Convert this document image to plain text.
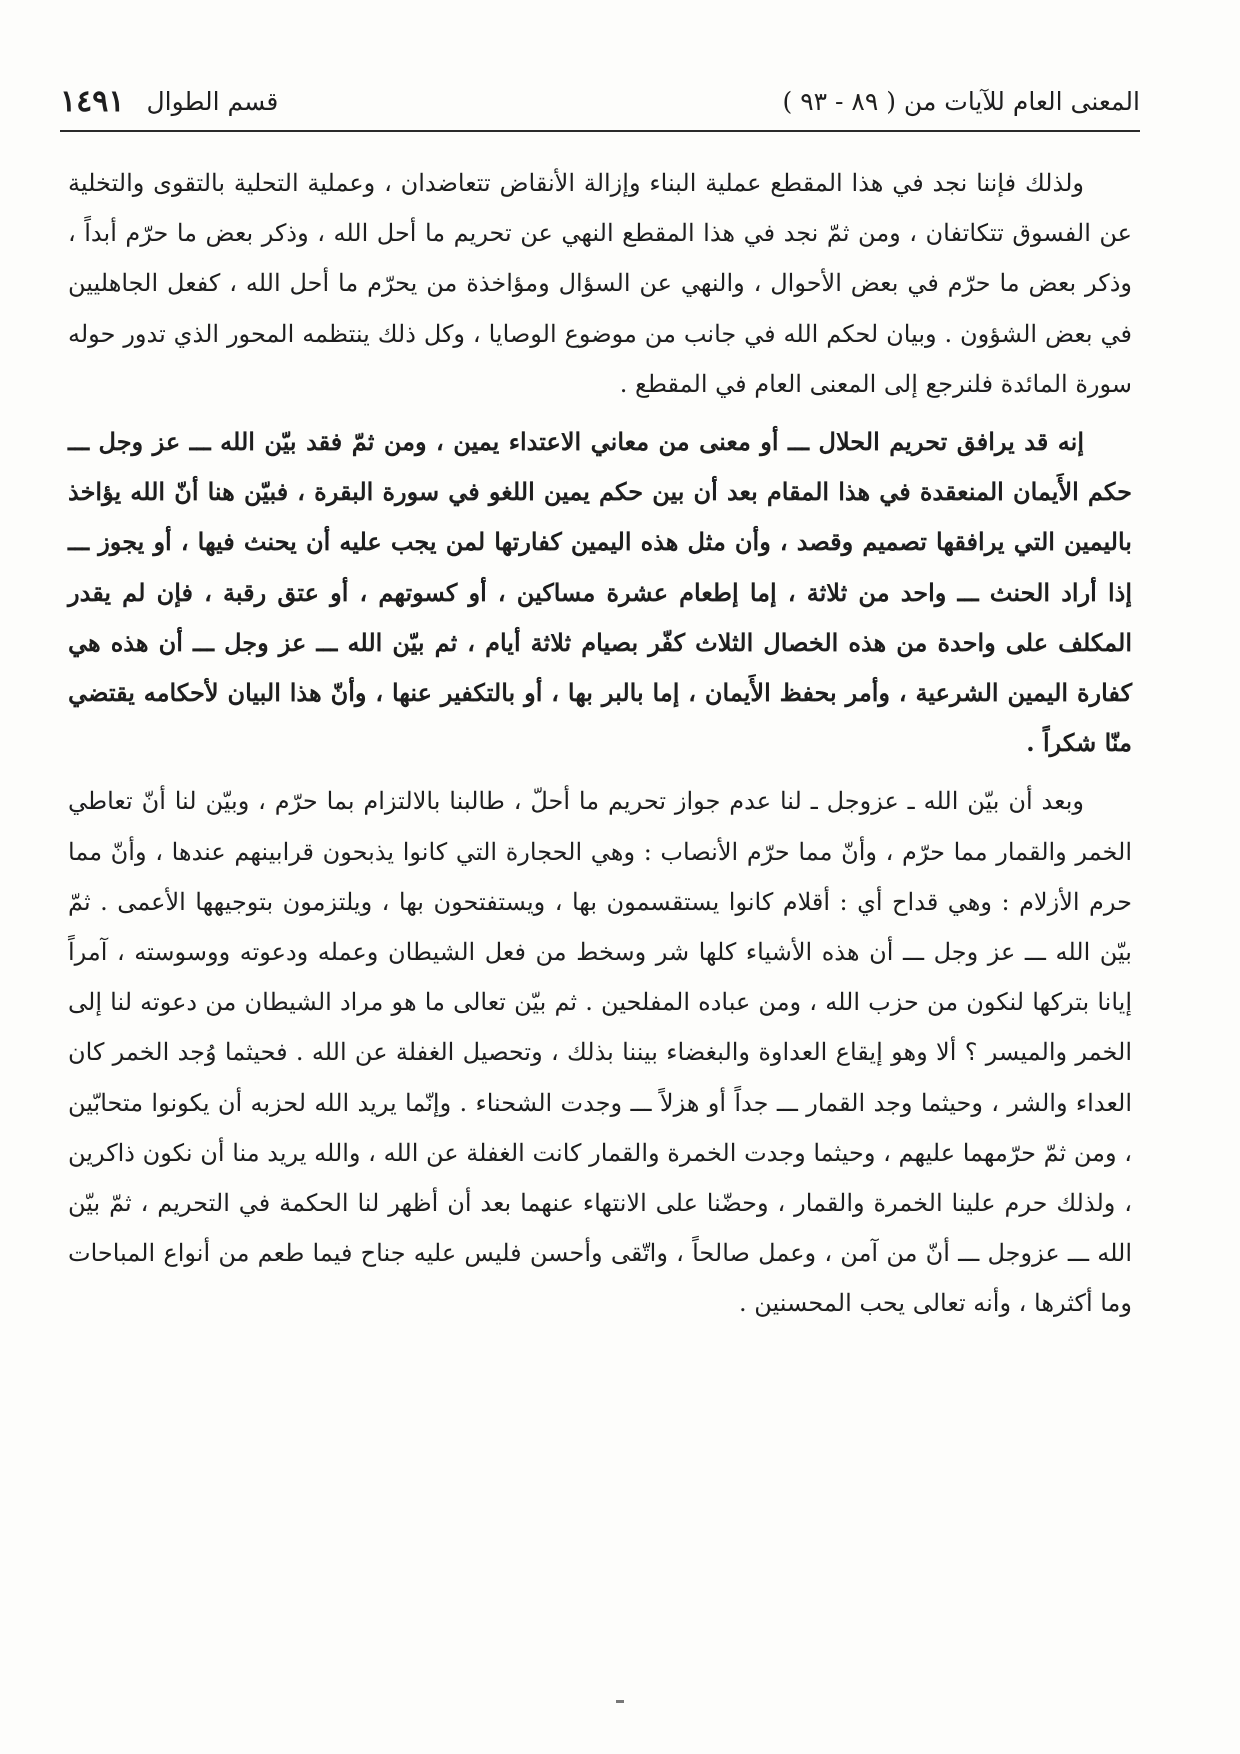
المعنى العام للآيات من ( ٨٩ - ٩٣ )
قسم الطوال
١٤٩١

ولذلك فإننا نجد في هذا المقطع عملية البناء وإزالة الأنقاض تتعاضدان ، وعملية التحلية بالتقوى والتخلية عن الفسوق تتكاتفان ، ومن ثمّ نجد في هذا المقطع النهي عن تحريم ما أحل الله ، وذكر بعض ما حرّم أبداً ، وذكر بعض ما حرّم في بعض الأحوال ، والنهي عن السؤال ومؤاخذة من يحرّم ما أحل الله ، كفعل الجاهليين في بعض الشؤون . وبيان لحكم الله في جانب من موضوع الوصايا ، وكل ذلك ينتظمه المحور الذي تدور حوله سورة المائدة فلنرجع إلى المعنى العام في المقطع .

إنه قد يرافق تحريم الحلال ـــ أو معنى من معاني الاعتداء يمين ، ومن ثمّ فقد بيّن الله ـــ عز وجل ـــ حكم الأَيمان المنعقدة في هذا المقام بعد أن بين حكم يمين اللغو في سورة البقرة ، فبيّن هنا أنّ الله يؤاخذ باليمين التي يرافقها تصميم وقصد ، وأن مثل هذه اليمين كفارتها لمن يجب عليه أن يحنث فيها ، أو يجوز ـــ إذا أراد الحنث ـــ واحد من ثلاثة ، إما إطعام عشرة مساكين ، أو كسوتهم ، أو عتق رقبة ، فإن لم يقدر المكلف على واحدة من هذه الخصال الثلاث كفّر بصيام ثلاثة أيام ، ثم بيّن الله ـــ عز وجل ـــ أن هذه هي كفارة اليمين الشرعية ، وأمر بحفظ الأَيمان ، إما بالبر بها ، أو بالتكفير عنها ، وأنّ هذا البيان لأحكامه يقتضي منّا شكراً .

وبعد أن بيّن الله ـ عزوجل ـ لنا عدم جواز تحريم ما أحلّ ، طالبنا بالالتزام بما حرّم ، وبيّن لنا أنّ تعاطي الخمر والقمار مما حرّم ، وأنّ مما حرّم الأنصاب : وهي الحجارة التي كانوا يذبحون قرابينهم عندها ، وأنّ مما حرم الأزلام : وهي قداح أي : أقلام كانوا يستقسمون بها ، ويستفتحون بها ، ويلتزمون بتوجيهها الأعمى . ثمّ بيّن الله ـــ عز وجل ـــ أن هذه الأشياء كلها شر وسخط من فعل الشيطان وعمله ودعوته ووسوسته ، آمراً إيانا بتركها لنكون من حزب الله ، ومن عباده المفلحين . ثم بيّن تعالى ما هو مراد الشيطان من دعوته لنا إلى الخمر والميسر ؟ ألا وهو إيقاع العداوة والبغضاء بيننا بذلك ، وتحصيل الغفلة عن الله . فحيثما وُجد الخمر كان العداء والشر ، وحيثما وجد القمار ـــ جداً أو هزلاً ـــ وجدت الشحناء . وإنّما يريد الله لحزبه أن يكونوا متحابّين ، ومن ثمّ حرّمهما عليهم ، وحيثما وجدت الخمرة والقمار كانت الغفلة عن الله ، والله يريد منا أن نكون ذاكرين ، ولذلك حرم علينا الخمرة والقمار ، وحضّنا على الانتهاء عنهما بعد أن أظهر لنا الحكمة في التحريم ، ثمّ بيّن الله ـــ عزوجل ـــ أنّ من آمن ، وعمل صالحاً ، واتّقى وأحسن فليس عليه جناح فيما طعم من أنواع المباحات وما أكثرها ، وأنه تعالى يحب المحسنين .
